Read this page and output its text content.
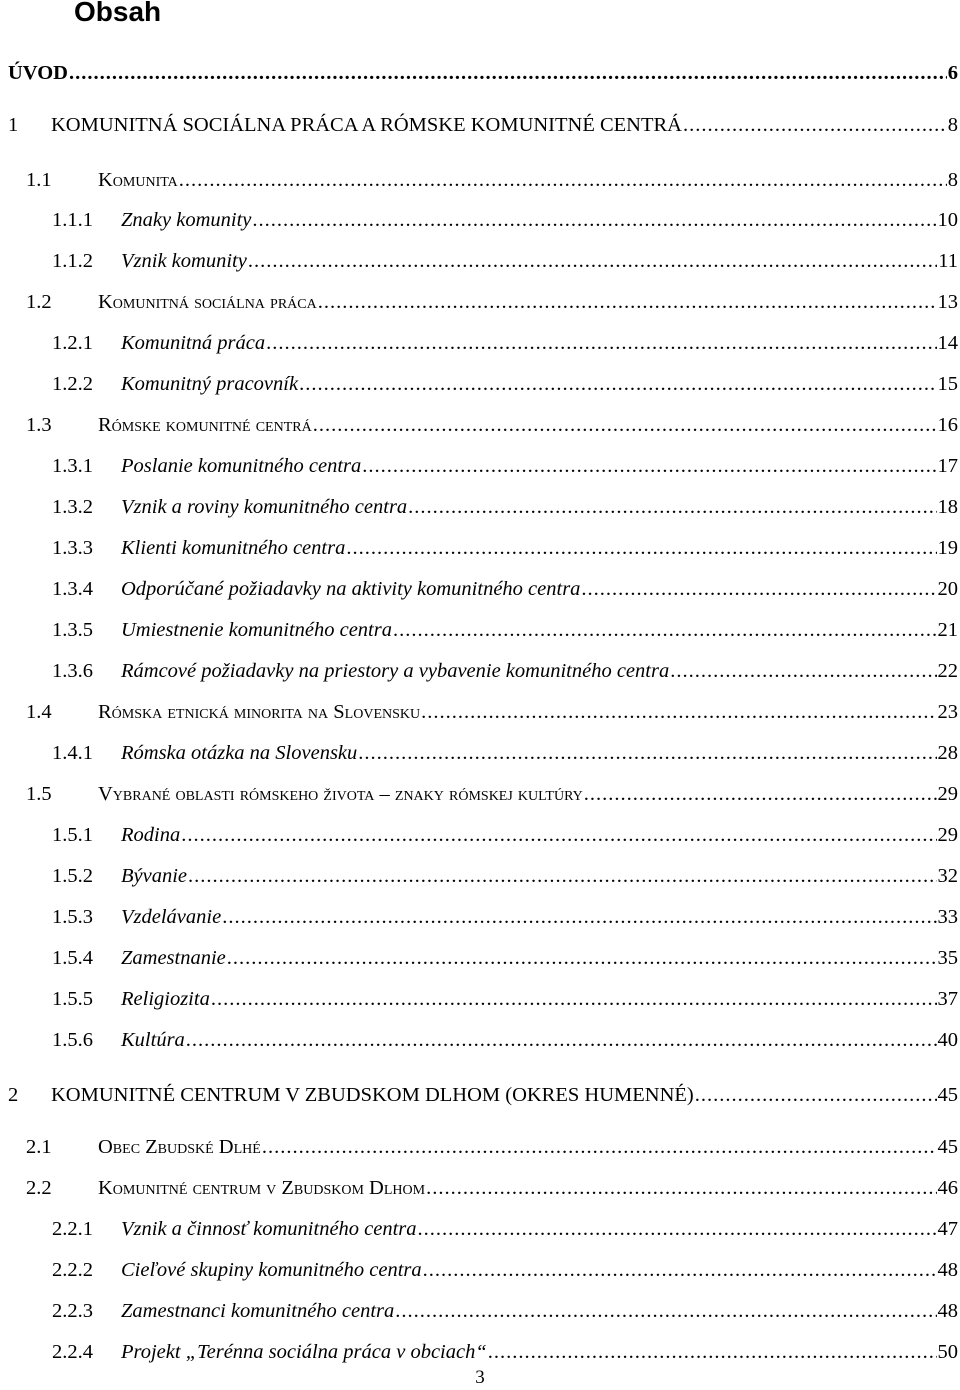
Obsah
ÚVOD .....	6
1 KOMUNITNÁ SOCIÁLNA PRÁCA A RÓMSKE KOMUNITNÉ CENTRÁ .....	8
1.1 Komunita .....	8
1.1.1 Znaky komunity .....	10
1.1.2 Vznik komunity .....	11
1.2 Komunitná sociálna práca .....	13
1.2.1 Komunitná práca .....	14
1.2.2 Komunitný pracovník .....	15
1.3 Rómske komunitné centrá .....	16
1.3.1 Poslanie komunitného centra .....	17
1.3.2 Vznik a roviny komunitného centra .....	18
1.3.3 Klienti komunitného centra .....	19
1.3.4 Odporúčané požiadavky na aktivity komunitného centra .....	20
1.3.5 Umiestnenie komunitného centra .....	21
1.3.6 Rámcové požiadavky na priestory a vybavenie komunitného centra .....	22
1.4 Rómska etnická minorita na Slovensku .....	23
1.4.1 Rómska otázka na Slovensku .....	28
1.5 Vybrané oblasti rómskeho života – znaky rómskej kultúry .....	29
1.5.1 Rodina .....	29
1.5.2 Bývanie .....	32
1.5.3 Vzdelávanie .....	33
1.5.4 Zamestnanie .....	35
1.5.5 Religiozita .....	37
1.5.6 Kultúra .....	40
2 KOMUNITNÉ CENTRUM V ZBUDSKOM DLHOM (OKRES HUMENNÉ) .....	45
2.1 Obec Zbudské Dlhé .....	45
2.2 Komunitné centrum v Zbudskom Dlhom .....	46
2.2.1 Vznik a činnosť komunitného centra .....	47
2.2.2 Cieľové skupiny komunitného centra .....	48
2.2.3 Zamestnanci komunitného centra .....	48
2.2.4 Projekt „Terénna sociálna práca v obciach“ .....	50
3
